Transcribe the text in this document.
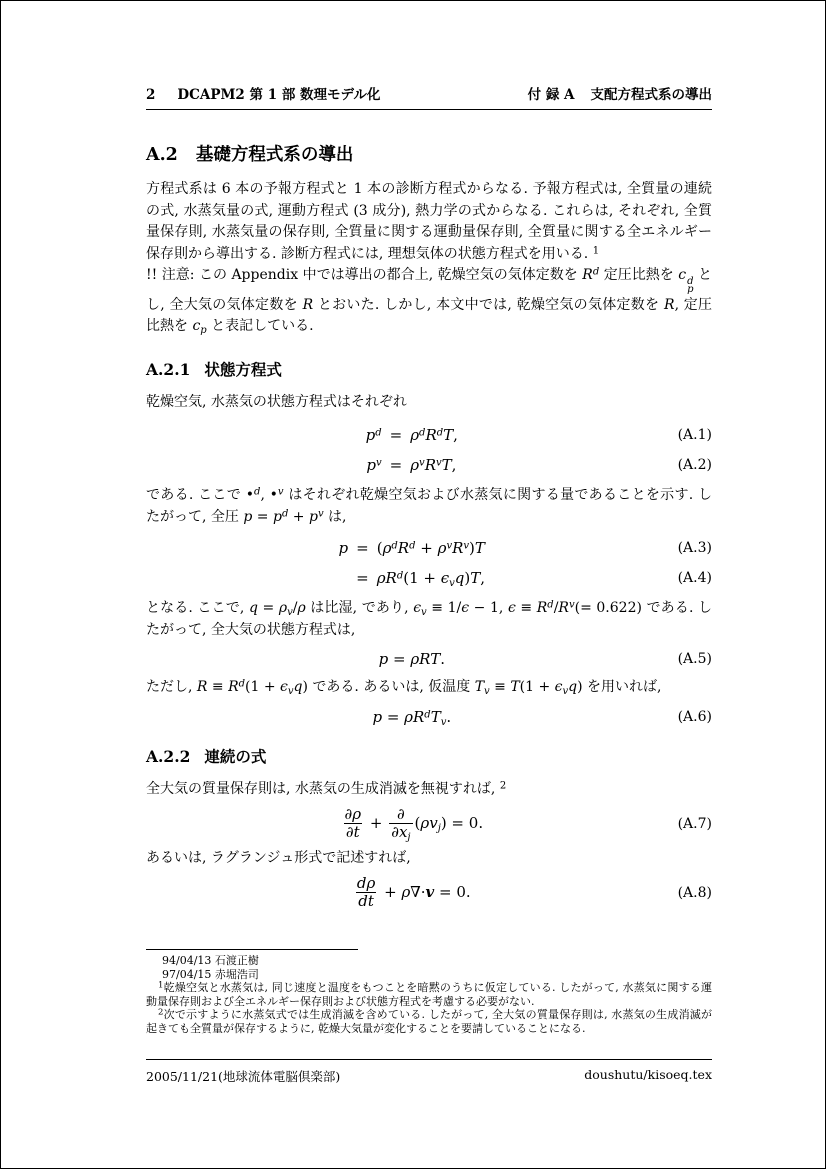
2 DCAPM2 第 1 部 数理モデル化	付 録 A 支配方程式系の導出
A.2 基礎方程式系の導出

方程式系は 6 本の予報方程式と 1 本の診断方程式からなる. 予報方程式は, 全質量の連続の式, 水蒸気量の式, 運動方程式 (3 成分), 熱力学の式からなる. これらは, それぞれ, 全質量保存則, 水蒸気量の保存則, 全質量に関する運動量保存則, 全質量に関する全エネルギー保存則から導出する. 診断方程式には, 理想気体の状態方程式を用いる. $^1$

!! 注意: この Appendix 中では導出の都合上, 乾燥空気の気体定数を $R^d$ 定圧比熱を c d
p
とし, 全大気の気体定数を R とおいた. しかし, 本文中では, 乾燥空気の気体定数を R, 定圧比熱を $c_p$ と表記している.

A.2.1 状態方程式

乾燥空気, 水蒸気の状態方程式はそれぞれ

$p^d = \rho^dR^dT$,	(A.1)
$p^v = \rho^vR^vT$,	(A.2)

である. ここで •$^d$, •$^v$ はそれぞれ乾燥空気および水蒸気に関する量であることを示す. したがって, 全圧 $p = p^d + p^v$ は,

$p = (\rho^dR^d + \rho^vR^v)T$	(A.3)
= $\rho R^d(1 + \epsilon_vq)T$,	(A.4)

となる. ここで, $q = \rho_v/\rho$ は比湿, であり, $\epsilon_v \equiv 1/\epsilon - 1$, $\epsilon \equiv R^d/R^v(= 0.622)$ である. したがって, 全大気の状態方程式は,

p = ρRT.	(A.5)

ただし, $R \equiv R^d(1 + \epsilon_vq)$ である. あるいは, 仮温度 $T_v \equiv T(1 + \epsilon_vq)$ を用いれば,

$p = \rho R^dT_v$.	(A.6)
A.2.2 連続の式

全大気の質量保存則は, 水蒸気の生成消滅を無視すれば, $^2$

$\frac{\partial\rho}{\partial t} + \frac{\partial}{\partial x_j} (\rho v_j) = 0$.	(A.7)

あるいは, ラグランジュ形式で記述すれば,

$\frac{d\rho}{dt} + \rho\nabla\cdot v = 0$.	(A.8)
94/04/13 石渡正樹
97/04/15 赤堀浩司

$^1$乾燥空気と水蒸気は, 同じ速度と温度をもつことを暗黙のうちに仮定している. したがって, 水蒸気に関する運動量保存則および全エネルギー保存則および状態方程式を考慮する必要がない.

$^2$次で示すように水蒸気式では生成消滅を含めている. したがって, 全大気の質量保存則は, 水蒸気の生成消滅が起きても全質量が保存するように, 乾燥大気量が変化することを要請していることになる.

2005/11/21(地球流体電脳倶楽部)	doushutu/kisoeq.tex
